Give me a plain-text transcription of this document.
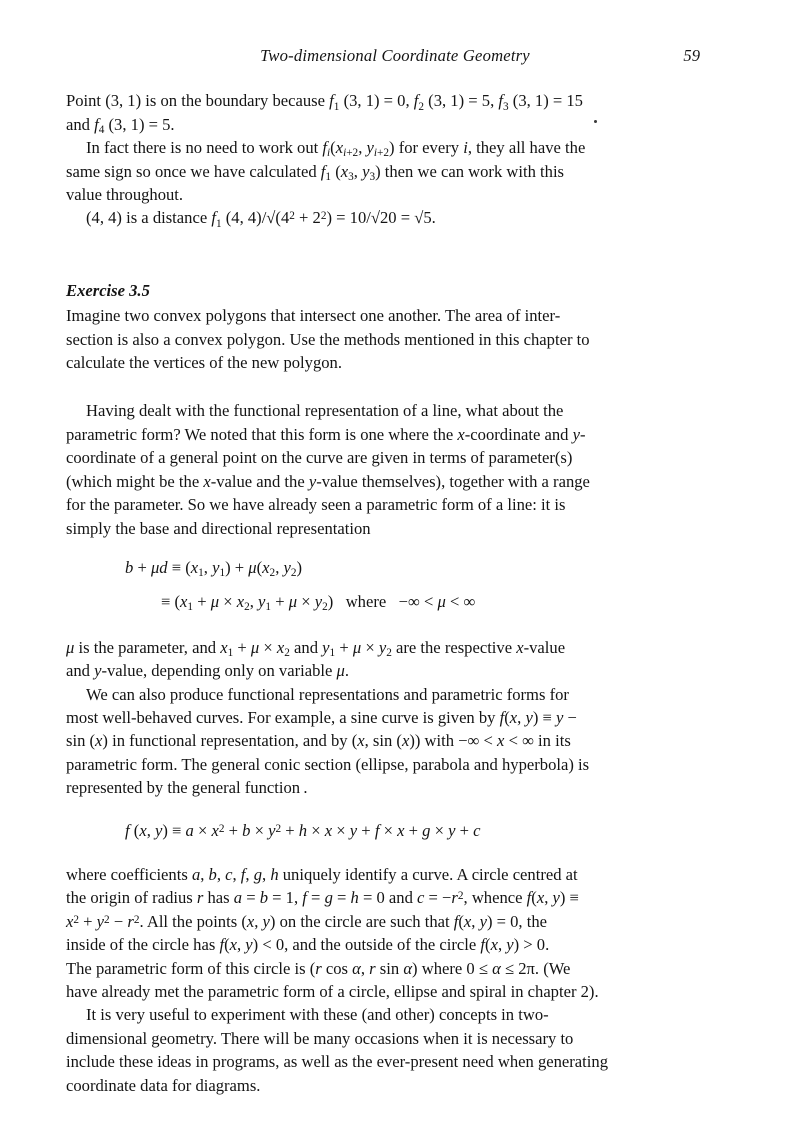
Two-dimensional Coordinate Geometry	59

Point (3, 1) is on the boundary because $f_1$ (3, 1) = 0, $f_2$ (3, 1) = 5, $f_3$ (3, 1) = 15
and $f_4$ (3, 1) = 5.

In fact there is no need to work out $f_i(x_{i+2}$, $y_{i+2}$) for every i, they all have the
same sign so once we have calculated $f_1$ ($x_3$, $y_3$) then we can work with this
value throughout.

(4, 4) is a distance $f_1$ (4, $4)/√(4^2 + 2^2) = 10/√20 = √5$.

Exercise 3.5

Imagine two convex polygons that intersect one another. The area of inter-
section is also a convex polygon. Use the methods mentioned in this chapter to
calculate the vertices of the new polygon.

Having dealt with the functional representation of a line, what about the
parametric form? We noted that this form is one where the x-coordinate and y-
coordinate of a general point on the curve are given in terms of parameter(s)
(which might be the x-value and the y-value themselves), together with a range
for the parameter. So we have already seen a parametric form of a line: it is
simply the base and directional representation

$b + \mu d \equiv (x_1$, $y_1) + \mu(x_2$, $y_2$)
≡ ($x_1 + \mu \times x_2$, $y_1 + \mu \times y_2$)   where   −∞ < μ < ∞

μ is the parameter, and $x_1 + \mu \times x_2$ and $y_1 + \mu \times y_2$ are the respective x-value
and y-value, depending only on variable μ.

We can also produce functional representations and parametric forms for
most well-behaved curves. For example, a sine curve is given by f(x, y) ≡ y −
sin (x) in functional representation, and by (x, sin (x)) with −∞ < x < ∞ in its
parametric form. The general conic section (ellipse, parabola and hyperbola) is
represented by the general function .

f (x, $y) \equiv a \times x^2 + b \times y^2 + h \times x \times y + f \times x + g \times y + c$

where coefficients a, b, c, f, g, h uniquely identify a curve. A circle centred at
the origin of radius r has a = b = 1, f = g = h = 0 and $c = -r^2$, whence f(x, y) ≡
$x^2 + y^2 - r^2$. All the points (x, y) on the circle are such that f(x, y) = 0, the
inside of the circle has f(x, y) < 0, and the outside of the circle f(x, y) > 0.
The parametric form of this circle is (r cos α, r sin α) where 0 ≤ α ≤ 2π. (We
have already met the parametric form of a circle, ellipse and spiral in chapter 2).

It is very useful to experiment with these (and other) concepts in two-
dimensional geometry. There will be many occasions when it is necessary to
include these ideas in programs, as well as the ever-present need when generating
coordinate data for diagrams.
